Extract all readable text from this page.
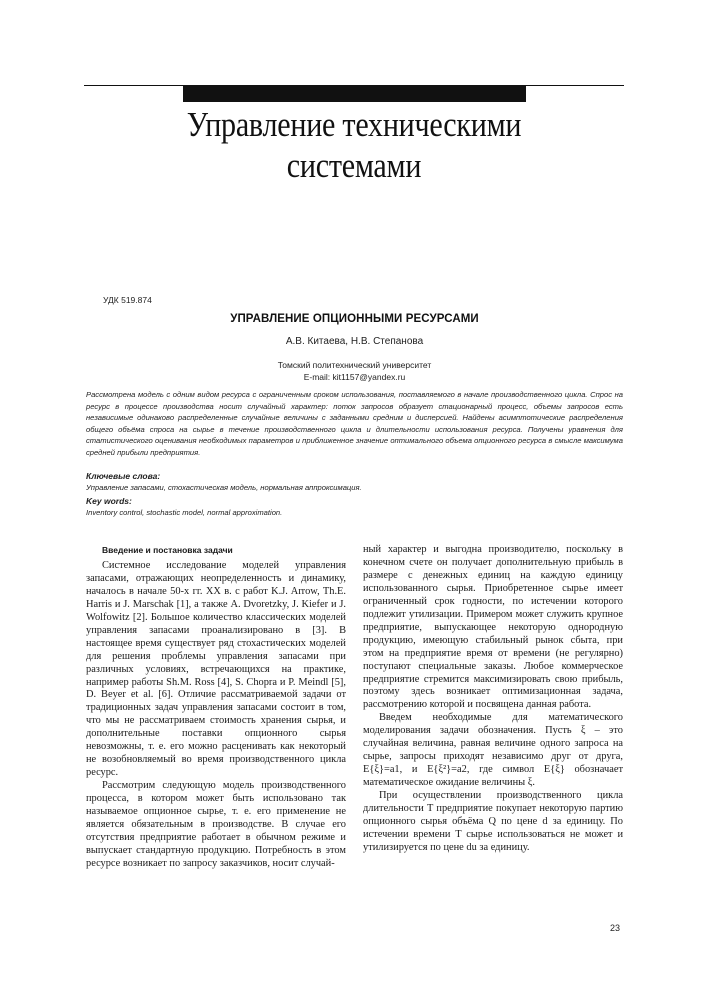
Управление техническими
системами
УДК 519.874
УПРАВЛЕНИЕ ОПЦИОННЫМИ РЕСУРСАМИ
А.В. Китаева, Н.В. Степанова
Томский политехнический университет
E-mail: kit1157@yandex.ru
Рассмотрена модель с одним видом ресурса с ограниченным сроком использования, поставляемого в начале производственного цикла. Спрос на ресурс в процессе производства носит случайный характер: поток запросов образует стационарный процесс, объемы запросов есть независимые одинаково распределенные случайные величины с заданными средним и дисперсией. Найдены асимптотические распределения общего объёма спроса на сырье в течение производственного цикла и длительности использования ресурса. Получены уравнения для статистического оценивания необходимых параметров и приближенное значение оптимального объема опционного ресурса в смысле максимума средней прибыли предприятия.
Ключевые слова:
Управление запасами, стохастическая модель, нормальная аппроксимация.
Key words:
Inventory control, stochastic model, normal approximation.
Введение и постановка задачи

Системное исследование моделей управления запасами, отражающих неопределенность и динамику, началось в начале 50-х гг. XX в. с работ K.J. Arrow, Th.E. Harris и J. Marschak [1], а также A. Dvoretzky, J. Kiefer и J. Wolfowitz [2]. Большое количество классических моделей управления запасами проанализировано в [3]. В настоящее время существует ряд стохастических моделей для решения проблемы управления запасами при различных условиях, встречающихся на практике, например работы Sh.M. Ross [4], S. Chopra и P. Meindl [5], D. Beyer et al. [6]. Отличие рассматриваемой задачи от традиционных задач управления запасами состоит в том, что мы не рассматриваем стоимость хранения сырья, и дополнительные поставки опционного сырья невозможны, т. е. его можно расценивать как некоторый не возобновляемый во время производственного цикла ресурс.

Рассмотрим следующую модель производственного процесса, в котором может быть использовано так называемое опционное сырье, т. е. его применение не является обязательным в производстве. В случае его отсутствия предприятие работает в обычном режиме и выпускает стандартную продукцию. Потребность в этом ресурсе возникает по запросу заказчиков, носит случай-

ный характер и выгодна производителю, поскольку в конечном счете он получает дополнительную прибыль в размере c денежных единиц на каждую единицу использованного сырья. Приобретенное сырье имеет ограниченный срок годности, по истечении которого подлежит утилизации. Примером может служить крупное предприятие, выпускающее некоторую однородную продукцию, имеющую стабильный рынок сбыта, при этом на предприятие время от времени (не регулярно) поступают специальные заказы. Любое коммерческое предприятие стремится максимизировать свою прибыль, поэтому здесь возникает оптимизационная задача, рассмотрению которой и посвящена данная работа.

Введем необходимые для математического моделирования задачи обозначения. Пусть ξ – это случайная величина, равная величине одного запроса на сырье, запросы приходят независимо друг от друга, E{ξ}=a1, и E{ξ²}=a2, где символ E{ξ} обозначает математическое ожидание величины ξ.

При осуществлении производственного цикла длительности T предприятие покупает некоторую партию опционного сырья объёма Q по цене d за единицу. По истечении времени T сырье использоваться не может и утилизируется по цене du за единицу.

23
